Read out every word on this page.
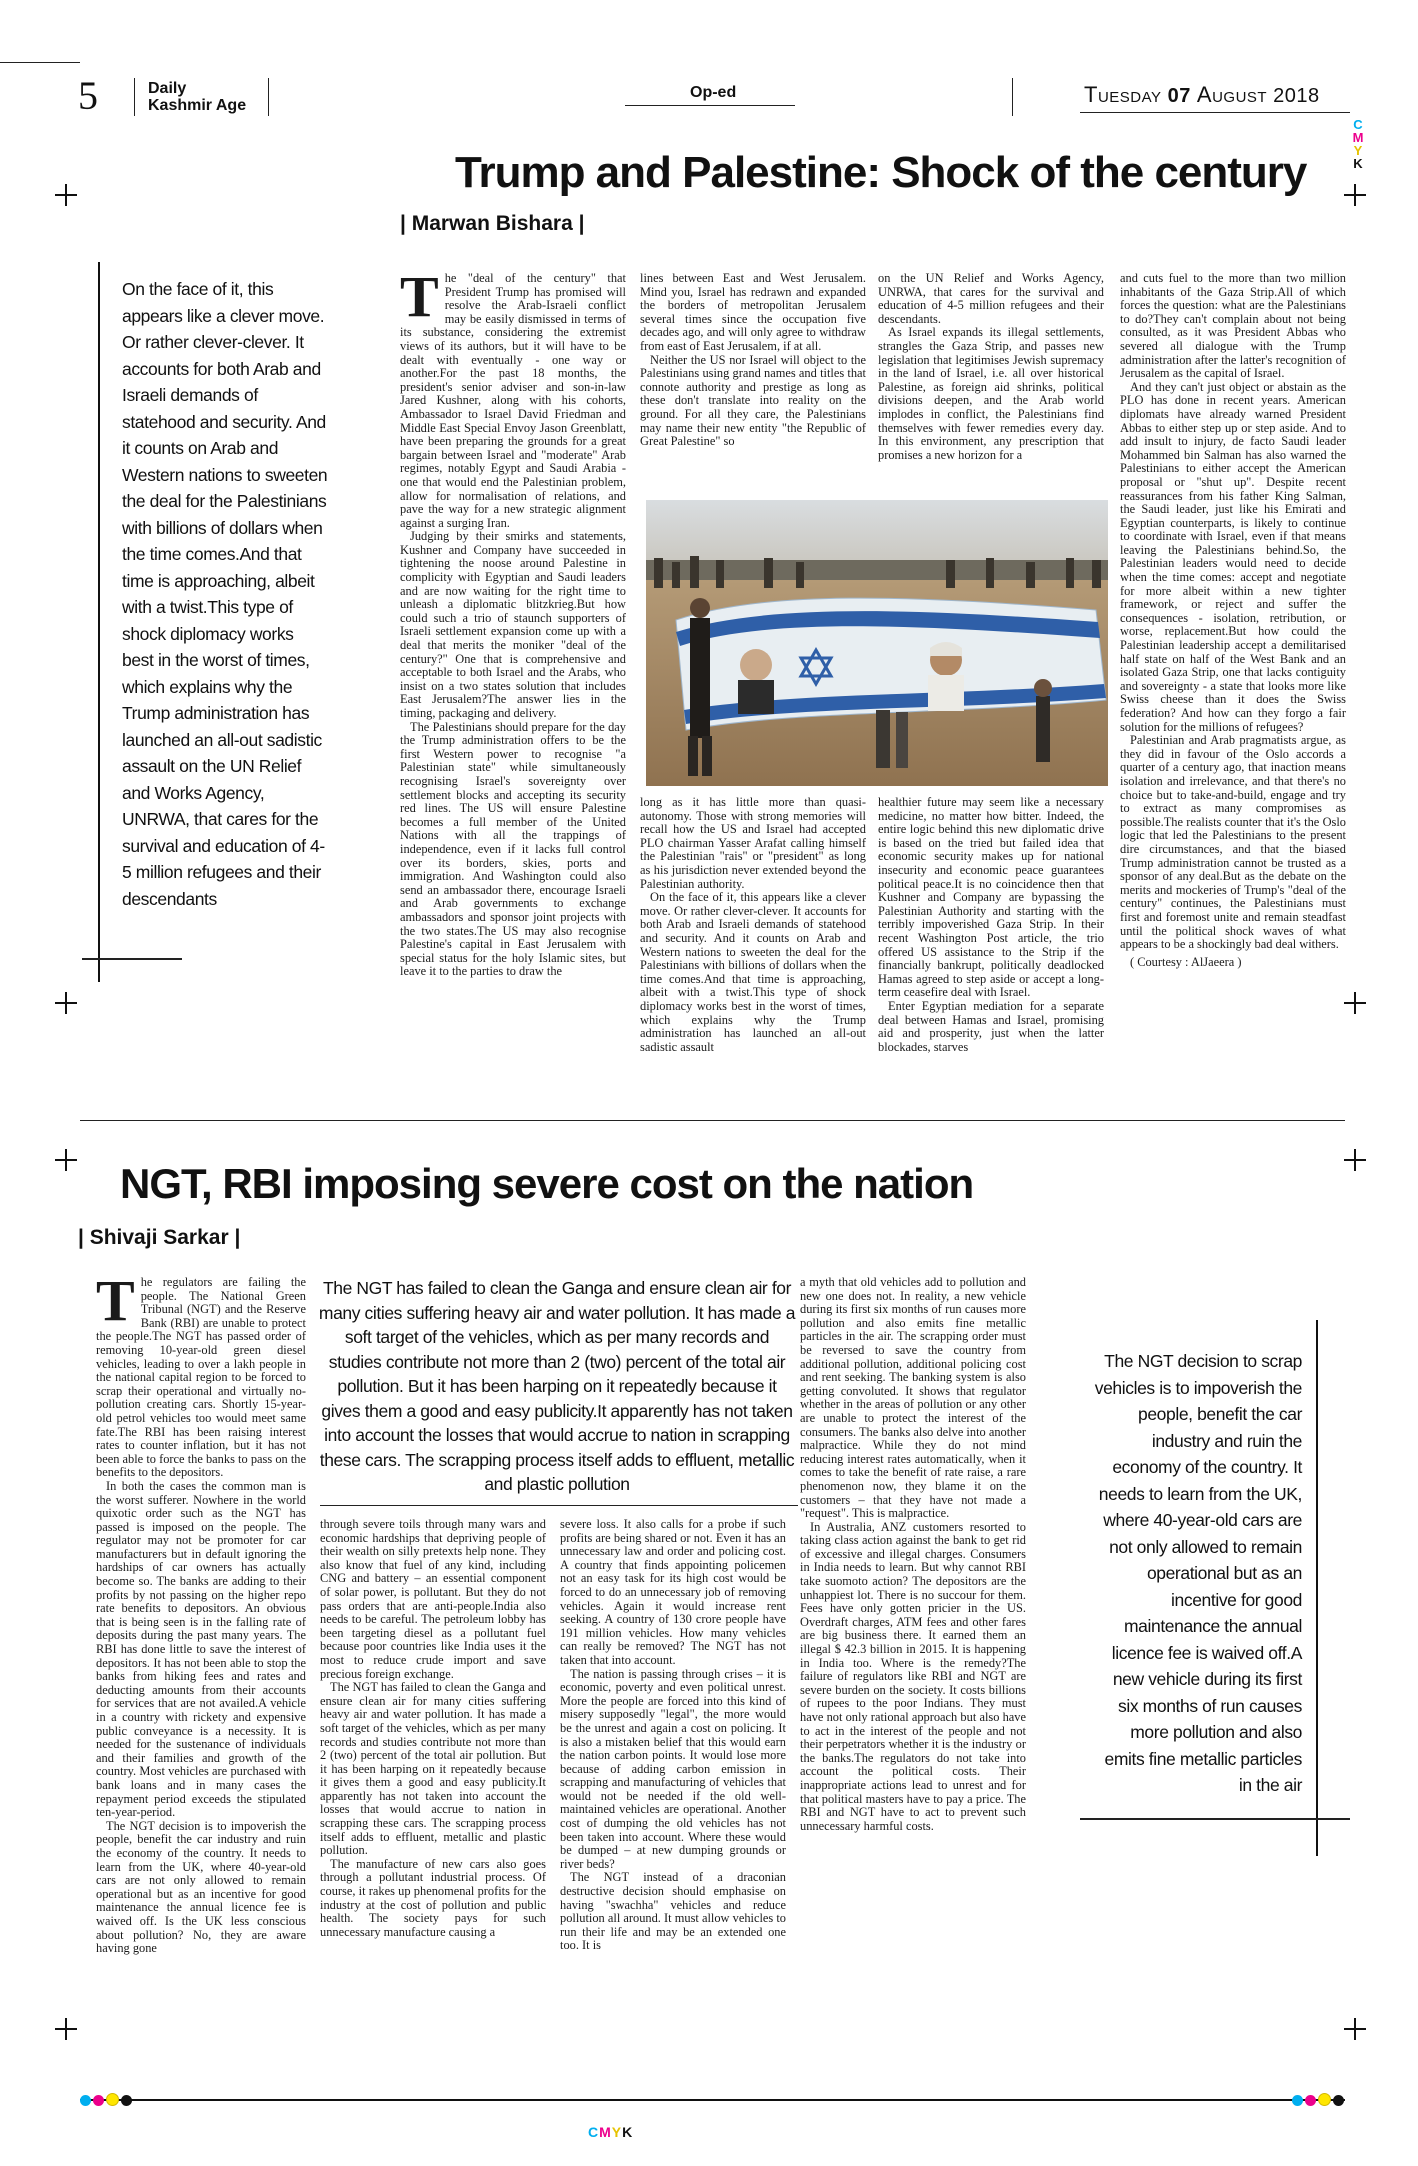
5	Daily
Kashmir Age
Op-ed	Tuesday 07 August 2018
C
M
Y
K
Trump and Palestine: Shock of the century
| Marwan Bishara |
On the face of it, this appears like a clever move. Or rather clever-clever. It accounts for both Arab and Israeli demands of statehood and security. And it counts on Arab and Western nations to sweeten the deal for the Palestinians with billions of dollars when the time comes.And that time is approaching, albeit with a twist.This type of shock diplomacy works best in the worst of times, which explains why the Trump administration has launched an all-out sadistic assault on the UN Relief and Works Agency, UNRWA, that cares for the survival and education of 4-5 million refugees and their descendants
T he "deal of the century" that President Trump has promised will resolve the Arab-Israeli conflict may be easily dismissed in terms of its substance, considering the extremist views of its authors, but it will have to be dealt with eventually - one way or another.For the past 18 months, the president's senior adviser and son-in-law Jared Kushner, along with his cohorts, Ambassador to Israel David Friedman and Middle East Special Envoy Jason Greenblatt, have been preparing the grounds for a great bargain between Israel and "moderate" Arab regimes, notably Egypt and Saudi Arabia - one that would end the Palestinian problem, allow for normalisation of relations, and pave the way for a new strategic alignment against a surging Iran.

Judging by their smirks and statements, Kushner and Company have succeeded in tightening the noose around Palestine in complicity with Egyptian and Saudi leaders and are now waiting for the right time to unleash a diplomatic blitzkrieg.But how could such a trio of staunch supporters of Israeli settlement expansion come up with a deal that merits the moniker "deal of the century?" One that is comprehensive and acceptable to both Israel and the Arabs, who insist on a two states solution that includes East Jerusalem?The answer lies in the timing, packaging and delivery.

The Palestinians should prepare for the day the Trump administration offers to be the first Western power to recognise "a Palestinian state" while simultaneously recognising Israel's sovereignty over settlement blocks and accepting its security red lines. The US will ensure Palestine becomes a full member of the United Nations with all the trappings of independence, even if it lacks full control over its borders, skies, ports and immigration. And Washington could also send an ambassador there, encourage Israeli and Arab governments to exchange ambassadors and sponsor joint projects with the two states.The US may also recognise Palestine's capital in East Jerusalem with special status for the holy Islamic sites, but leave it to the parties to draw the

lines between East and West Jerusalem. Mind you, Israel has redrawn and expanded the borders of metropolitan Jerusalem several times since the occupation five decades ago, and will only agree to withdraw from east of East Jerusalem, if at all.

Neither the US nor Israel will object to the Palestinians using grand names and titles that connote authority and prestige as long as these don't translate into reality on the ground. For all they care, the Palestinians may name their new entity "the Republic of Great Palestine" so

on the UN Relief and Works Agency, UNRWA, that cares for the survival and education of 4-5 million refugees and their descendants.

As Israel expands its illegal settlements, strangles the Gaza Strip, and passes new legislation that legitimises Jewish supremacy in the land of Israel, i.e. all over historical Palestine, as foreign aid shrinks, political divisions deepen, and the Arab world implodes in conflict, the Palestinians find themselves with fewer remedies every day. In this environment, any prescription that promises a new horizon for a

and cuts fuel to the more than two million inhabitants of the Gaza Strip.All of which forces the question: what are the Palestinians to do?They can't complain about not being consulted, as it was President Abbas who severed all dialogue with the Trump administration after the latter's recognition of Jerusalem as the capital of Israel.

And they can't just object or abstain as the PLO has done in recent years. American diplomats have already warned President Abbas to either step up or step aside. And to add insult to injury, de facto Saudi leader Mohammed bin Salman has also warned the Palestinians to either accept the American proposal or "shut up". Despite recent reassurances from his father King Salman, the Saudi leader, just like his Emirati and Egyptian counterparts, is likely to continue to coordinate with Israel, even if that means leaving the Palestinians behind.So, the Palestinian leaders would need to decide when the time comes: accept and negotiate for more albeit within a new tighter framework, or reject and suffer the consequences - isolation, retribution, or worse, replacement.But how could the Palestinian leadership accept a demilitarised half state on half of the West Bank and an isolated Gaza Strip, one that lacks contiguity and sovereignty - a state that looks more like Swiss cheese than it does the Swiss federation? And how can they forgo a fair solution for the millions of refugees?

Palestinian and Arab pragmatists argue, as they did in favour of the Oslo accords a quarter of a century ago, that inaction means isolation and irrelevance, and that there's no choice but to take-and-build, engage and try to extract as many compromises as possible.The realists counter that it's the Oslo logic that led the Palestinians to the present dire circumstances, and that the biased Trump administration cannot be trusted as a sponsor of any deal.But as the debate on the merits and mockeries of Trump's "deal of the century" continues, the Palestinians must first and foremost unite and remain steadfast until the political shock waves of what appears to be a shockingly bad deal withers.

( Courtesy : AlJaeera )

long as it has little more than quasi-autonomy. Those with strong memories will recall how the US and Israel had accepted PLO chairman Yasser Arafat calling himself the Palestinian "rais" or "president" as long as his jurisdiction never extended beyond the Palestinian authority.

On the face of it, this appears like a clever move. Or rather clever-clever. It accounts for both Arab and Israeli demands of statehood and security. And it counts on Arab and Western nations to sweeten the deal for the Palestinians with billions of dollars when the time comes.And that time is approaching, albeit with a twist.This type of shock diplomacy works best in the worst of times, which explains why the Trump administration has launched an all-out sadistic assault

healthier future may seem like a necessary medicine, no matter how bitter. Indeed, the entire logic behind this new diplomatic drive is based on the tried but failed idea that economic security makes up for national insecurity and economic peace guarantees political peace.It is no coincidence then that Kushner and Company are bypassing the Palestinian Authority and starting with the terribly impoverished Gaza Strip. In their recent Washington Post article, the trio offered US assistance to the Strip if the financially bankrupt, politically deadlocked Hamas agreed to step aside or accept a long-term ceasefire deal with Israel.

Enter Egyptian mediation for a separate deal between Hamas and Israel, promising aid and prosperity, just when the latter blockades, starves

NGT, RBI imposing severe cost on the nation
| Shivaji Sarkar |
T he regulators are failing the people. The National Green Tribunal (NGT) and the Reserve Bank (RBI) are unable to protect the people.The NGT has passed order of removing 10-year-old green diesel vehicles, leading to over a lakh people in the national capital region to be forced to scrap their operational and virtually no-pollution creating cars. Shortly 15-year-old petrol vehicles too would meet same fate.The RBI has been raising interest rates to counter inflation, but it has not been able to force the banks to pass on the benefits to the depositors.

In both the cases the common man is the worst sufferer. Nowhere in the world quixotic order such as the NGT has passed is imposed on the people. The regulator may not be promoter for car manufacturers but in default ignoring the hardships of car owners has actually become so. The banks are adding to their profits by not passing on the higher repo rate benefits to depositors. An obvious that is being seen is in the falling rate of deposits during the past many years. The RBI has done little to save the interest of depositors. It has not been able to stop the banks from hiking fees and rates and deducting amounts from their accounts for services that are not availed.A vehicle in a country with rickety and expensive public conveyance is a necessity. It is needed for the sustenance of individuals and their families and growth of the country. Most vehicles are purchased with bank loans and in many cases the repayment period exceeds the stipulated ten-year-period.

The NGT decision is to impoverish the people, benefit the car industry and ruin the economy of the country. It needs to learn from the UK, where 40-year-old cars are not only allowed to remain operational but as an incentive for good maintenance the annual licence fee is waived off. Is the UK less conscious about pollution? No, they are aware having gone

The NGT has failed to clean the Ganga and ensure clean air for many cities suffering heavy air and water pollution. It has made a soft target of the vehicles, which as per many records and studies contribute not more than 2 (two) percent of the total air pollution. But it has been harping on it repeatedly because it gives them a good and easy publicity.It apparently has not taken into account the losses that would accrue to nation in scrapping these cars. The scrapping process itself adds to effluent, metallic and plastic pollution

through severe toils through many wars and economic hardships that depriving people of their wealth on silly pretexts help none. They also know that fuel of any kind, including CNG and battery – an essential component of solar power, is pollutant. But they do not pass orders that are anti-people.India also needs to be careful. The petroleum lobby has been targeting diesel as a pollutant fuel because poor countries like India uses it the most to reduce crude import and save precious foreign exchange.

The NGT has failed to clean the Ganga and ensure clean air for many cities suffering heavy air and water pollution. It has made a soft target of the vehicles, which as per many records and studies contribute not more than 2 (two) percent of the total air pollution. But it has been harping on it repeatedly because it gives them a good and easy publicity.It apparently has not taken into account the losses that would accrue to nation in scrapping these cars. The scrapping process itself adds to effluent, metallic and plastic pollution.

The manufacture of new cars also goes through a pollutant industrial process. Of course, it rakes up phenomenal profits for the industry at the cost of pollution and public health. The society pays for such unnecessary manufacture causing a

severe loss. It also calls for a probe if such profits are being shared or not. Even it has an unnecessary law and order and policing cost. A country that finds appointing policemen not an easy task for its high cost would be forced to do an unnecessary job of removing vehicles. Again it would increase rent seeking. A country of 130 crore people have 191 million vehicles. How many vehicles can really be removed? The NGT has not taken that into account.

The nation is passing through crises – it is economic, poverty and even political unrest. More the people are forced into this kind of misery supposedly "legal", the more would be the unrest and again a cost on policing. It is also a mistaken belief that this would earn the nation carbon points. It would lose more because of adding carbon emission in scrapping and manufacturing of vehicles that would not be needed if the old well-maintained vehicles are operational. Another cost of dumping the old vehicles has not been taken into account. Where these would be dumped – at new dumping grounds or river beds?

The NGT instead of a draconian destructive decision should emphasise on having "swachha" vehicles and reduce pollution all around. It must allow vehicles to run their life and may be an extended one too. It is

a myth that old vehicles add to pollution and new one does not. In reality, a new vehicle during its first six months of run causes more pollution and also emits fine metallic particles in the air. The scrapping order must be reversed to save the country from additional pollution, additional policing cost and rent seeking. The banking system is also getting convoluted. It shows that regulator whether in the areas of pollution or any other are unable to protect the interest of the consumers. The banks also delve into another malpractice. While they do not mind reducing interest rates automatically, when it comes to take the benefit of rate raise, a rare phenomenon now, they blame it on the customers – that they have not made a "request". This is malpractice.

In Australia, ANZ customers resorted to taking class action against the bank to get rid of excessive and illegal charges. Consumers in India needs to learn. But why cannot RBI take suomoto action? The depositors are the unhappiest lot. There is no succour for them. Fees have only gotten pricier in the US. Overdraft charges, ATM fees and other fares are big business there. It earned them an illegal $ 42.3 billion in 2015. It is happening in India too. Where is the remedy?The failure of regulators like RBI and NGT are severe burden on the society. It costs billions of rupees to the poor Indians. They must have not only rational approach but also have to act in the interest of the people and not their perpetrators whether it is the industry or the banks.The regulators do not take into account the political costs. Their inappropriate actions lead to unrest and for that political masters have to pay a price. The RBI and NGT have to act to prevent such unnecessary harmful costs.

The NGT decision to scrap vehicles is to impoverish the people, benefit the car industry and ruin the economy of the country. It needs to learn from the UK, where 40-year-old cars are not only allowed to remain operational but as an incentive for good maintenance the annual licence fee is waived off.A new vehicle during its first six months of run causes more pollution and also emits fine metallic particles in the air
CMYK
